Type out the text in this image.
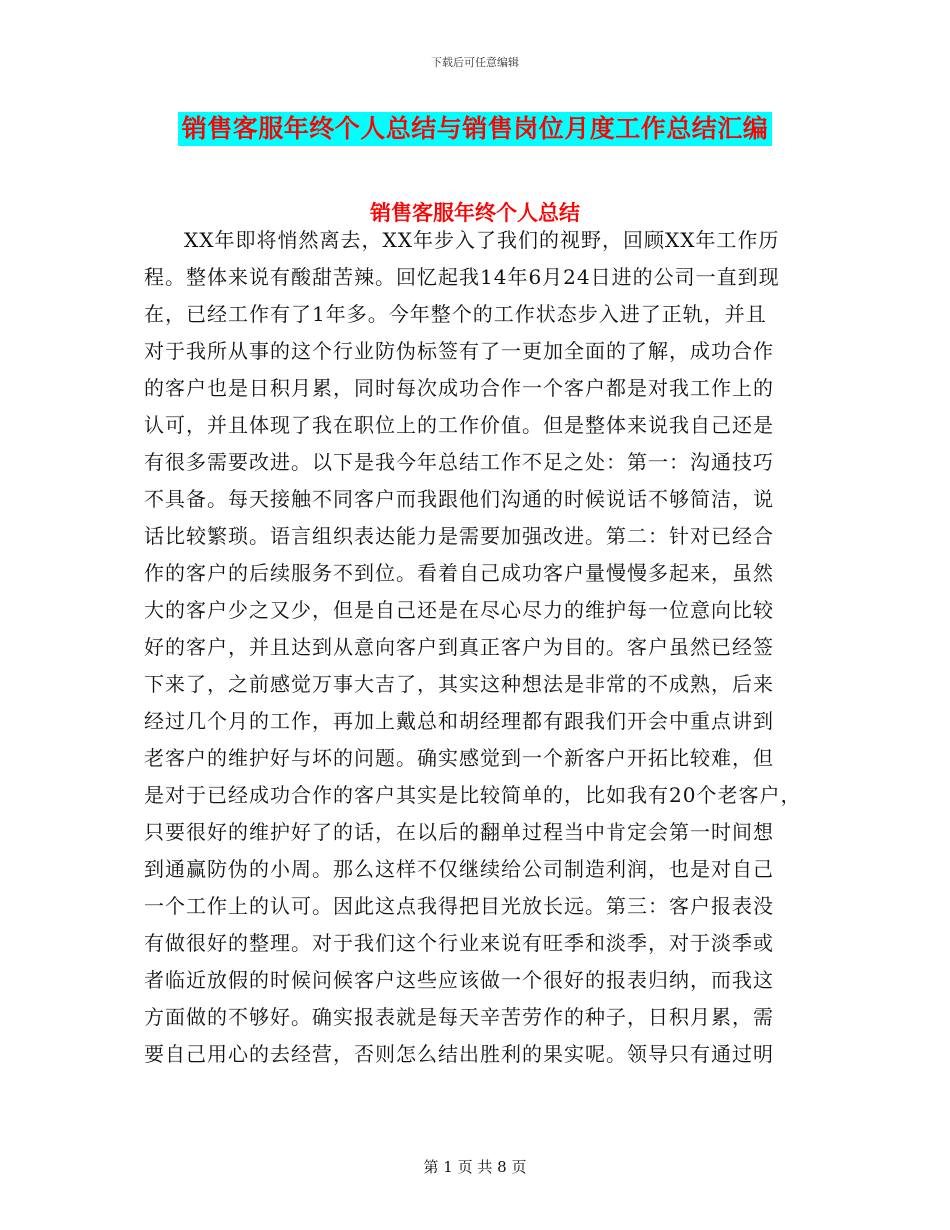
下载后可任意编辑
销售客服年终个人总结与销售岗位月度工作总结汇编
销售客服年终个人总结
XX年即将悄然离去，XX年步入了我们的视野，回顾XX年工作历
程。整体来说有酸甜苦辣。回忆起我14年6月24日进的公司一直到现
在，已经工作有了1年多。今年整个的工作状态步入进了正轨，并且
对于我所从事的这个行业防伪标签有了一更加全面的了解，成功合作
的客户也是日积月累，同时每次成功合作一个客户都是对我工作上的
认可，并且体现了我在职位上的工作价值。但是整体来说我自己还是
有很多需要改进。以下是我今年总结工作不足之处：第一：沟通技巧
不具备。每天接触不同客户而我跟他们沟通的时候说话不够简洁，说
话比较繁琐。语言组织表达能力是需要加强改进。第二：针对已经合
作的客户的后续服务不到位。看着自己成功客户量慢慢多起来，虽然
大的客户少之又少，但是自己还是在尽心尽力的维护每一位意向比较
好的客户，并且达到从意向客户到真正客户为目的。客户虽然已经签
下来了，之前感觉万事大吉了，其实这种想法是非常的不成熟，后来
经过几个月的工作，再加上戴总和胡经理都有跟我们开会中重点讲到
老客户的维护好与坏的问题。确实感觉到一个新客户开拓比较难，但
是对于已经成功合作的客户其实是比较简单的，比如我有20个老客户，
只要很好的维护好了的话，在以后的翻单过程当中肯定会第一时间想
到通赢防伪的小周。那么这样不仅继续给公司制造利润，也是对自己
一个工作上的认可。因此这点我得把目光放长远。第三：客户报表没
有做很好的整理。对于我们这个行业来说有旺季和淡季，对于淡季或
者临近放假的时候问候客户这些应该做一个很好的报表归纳，而我这
方面做的不够好。确实报表就是每天辛苦劳作的种子，日积月累，需
要自己用心的去经营，否则怎么结出胜利的果实呢。领导只有通过明
第 1 页 共 8 页
